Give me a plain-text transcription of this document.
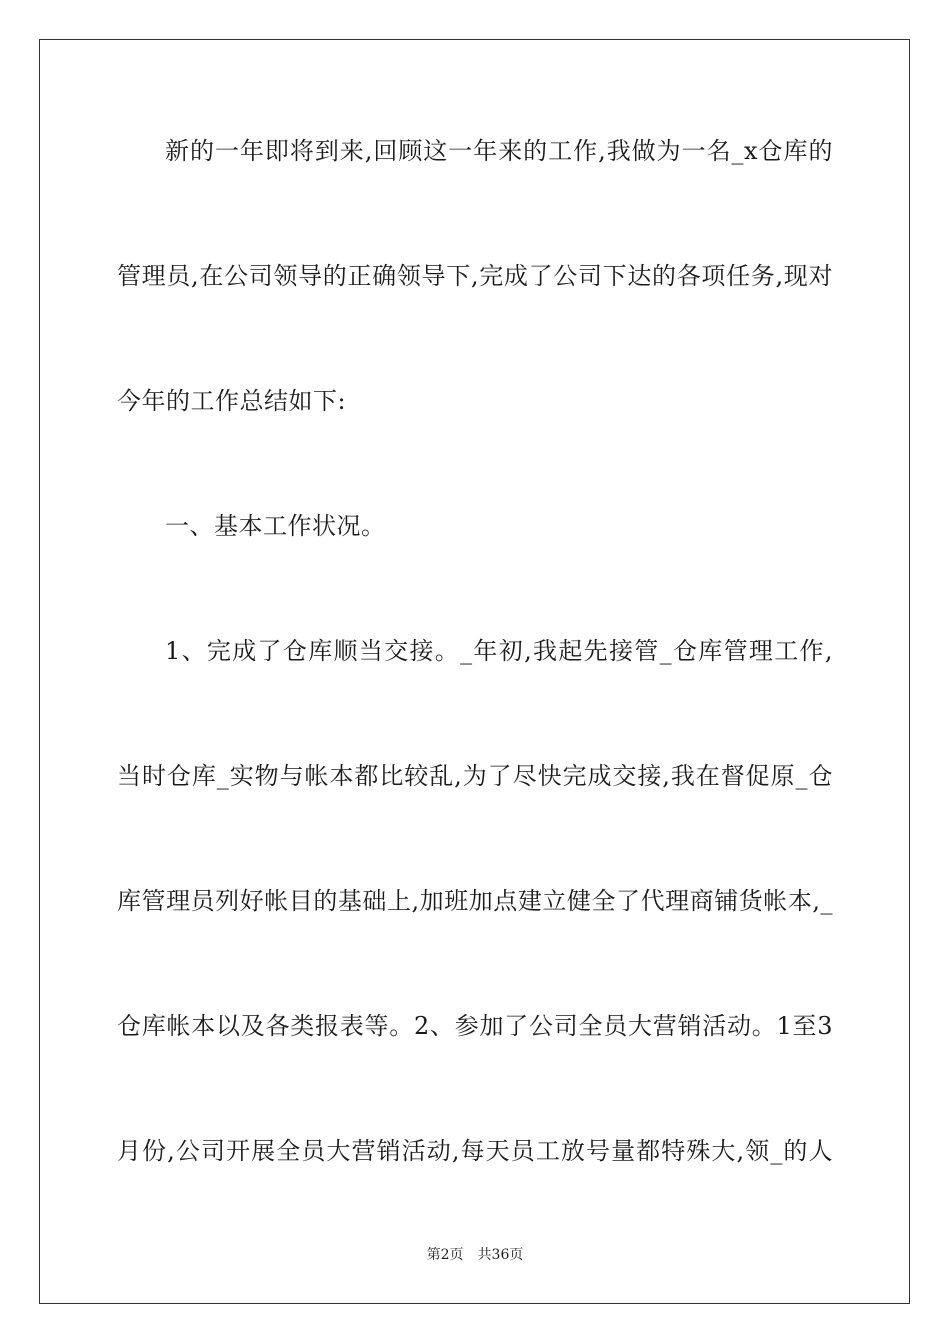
新的一年即将到来,回顾这一年来的工作,我做为一名_x仓库的
管理员,在公司领导的正确领导下,完成了公司下达的各项任务,现对
今年的工作总结如下:
一、基本工作状况。
1、完成了仓库顺当交接。_年初,我起先接管_仓库管理工作,
当时仓库_实物与帐本都比较乱,为了尽快完成交接,我在督促原_仓
库管理员列好帐目的基础上,加班加点建立健全了代理商铺货帐本,_
仓库帐本以及各类报表等。2、参加了公司全员大营销活动。1至3
月份,公司开展全员大营销活动,每天员工放号量都特殊大,领_的人
第2页 共36页
